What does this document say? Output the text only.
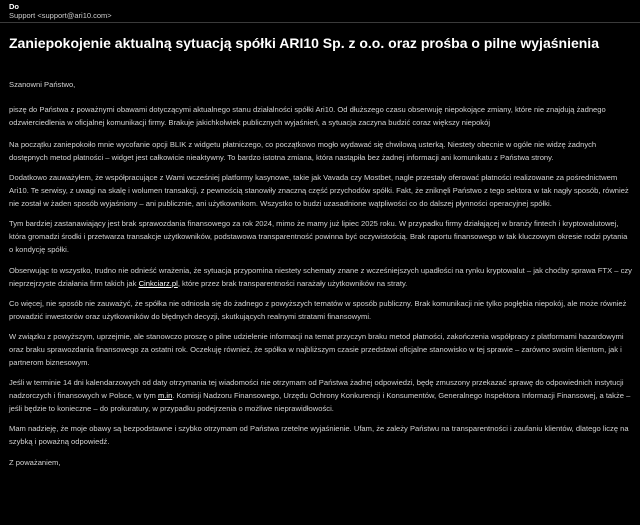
Do

Support <support@ari10.com>

Zaniepokojenie aktualną sytuacją spółki ARI10 Sp. z o.o. oraz prośba o pilne wyjaśnienia

Szanowni Państwo,

piszę do Państwa z poważnymi obawami dotyczącymi aktualnego stanu działalności spółki Ari10. Od dłuższego czasu obserwuję niepokojące zmiany, które nie znajdują żadnego odzwierciedlenia w oficjalnej komunikacji firmy. Brakuje jakichkolwiek publicznych wyjaśnień, a sytuacja zaczyna budzić coraz większy niepokój

Na początku zaniepokoiło mnie wycofanie opcji BLIK z widgetu płatniczego, co początkowo mogło wydawać się chwilową usterką. Niestety obecnie w ogóle nie widzę żadnych dostępnych metod płatności – widget jest całkowicie nieaktywny. To bardzo istotna zmiana, która nastąpiła bez żadnej informacji ani komunikatu z Państwa strony.

Dodatkowo zauważyłem, że współpracujące z Wami wcześniej platformy kasynowe, takie jak Vavada czy Mostbet, nagle przestały oferować płatności realizowane za pośrednictwem Ari10. Te serwisy, z uwagi na skalę i wolumen transakcji, z pewnością stanowiły znaczną część przychodów spółki. Fakt, że zniknęli Państwo z tego sektora w tak nagły sposób, również nie został w żaden sposób wyjaśniony – ani publicznie, ani użytkownikom. Wszystko to budzi uzasadnione wątpliwości co do dalszej płynności operacyjnej spółki.

Tym bardziej zastanawiający jest brak sprawozdania finansowego za rok 2024, mimo że mamy już lipiec 2025 roku. W przypadku firmy działającej w branży fintech i kryptowalutowej, która gromadzi środki i przetwarza transakcje użytkowników, podstawowa transparentność powinna być oczywistością. Brak raportu finansowego w tak kluczowym okresie rodzi pytania o kondycję spółki.

Obserwując to wszystko, trudno nie odnieść wrażenia, że sytuacja przypomina niestety schematy znane z wcześniejszych upadłości na rynku kryptowalut – jak choćby sprawa FTX – czy nieprzejrzyste działania firm takich jak Cinkciarz.pl, które przez brak transparentności narażały użytkowników na straty.

Co więcej, nie sposób nie zauważyć, że spółka nie odniosła się do żadnego z powyższych tematów w sposób publiczny. Brak komunikacji nie tylko pogłębia niepokój, ale może również prowadzić inwestorów oraz użytkowników do błędnych decyzji, skutkujących realnymi stratami finansowymi.

W związku z powyższym, uprzejmie, ale stanowczo proszę o pilne udzielenie informacji na temat przyczyn braku metod płatności, zakończenia współpracy z platformami hazardowymi oraz braku sprawozdania finansowego za ostatni rok. Oczekuję również, że spółka w najbliższym czasie przedstawi oficjalne stanowisko w tej sprawie – zarówno swoim klientom, jak i partnerom biznesowym.

Jeśli w terminie 14 dni kalendarzowych od daty otrzymania tej wiadomości nie otrzymam od Państwa żadnej odpowiedzi, będę zmuszony przekazać sprawę do odpowiednich instytucji nadzorczych i finansowych w Polsce, w tym m.in. Komisji Nadzoru Finansowego, Urzędu Ochrony Konkurencji i Konsumentów, Generalnego Inspektora Informacji Finansowej, a także – jeśli będzie to konieczne – do prokuratury, w przypadku podejrzenia o możliwe nieprawidłowości.

Mam nadzieję, że moje obawy są bezpodstawne i szybko otrzymam od Państwa rzetelne wyjaśnienie. Ufam, że zależy Państwu na transparentności i zaufaniu klientów, dlatego liczę na szybką i poważną odpowiedź.

Z poważaniem,
